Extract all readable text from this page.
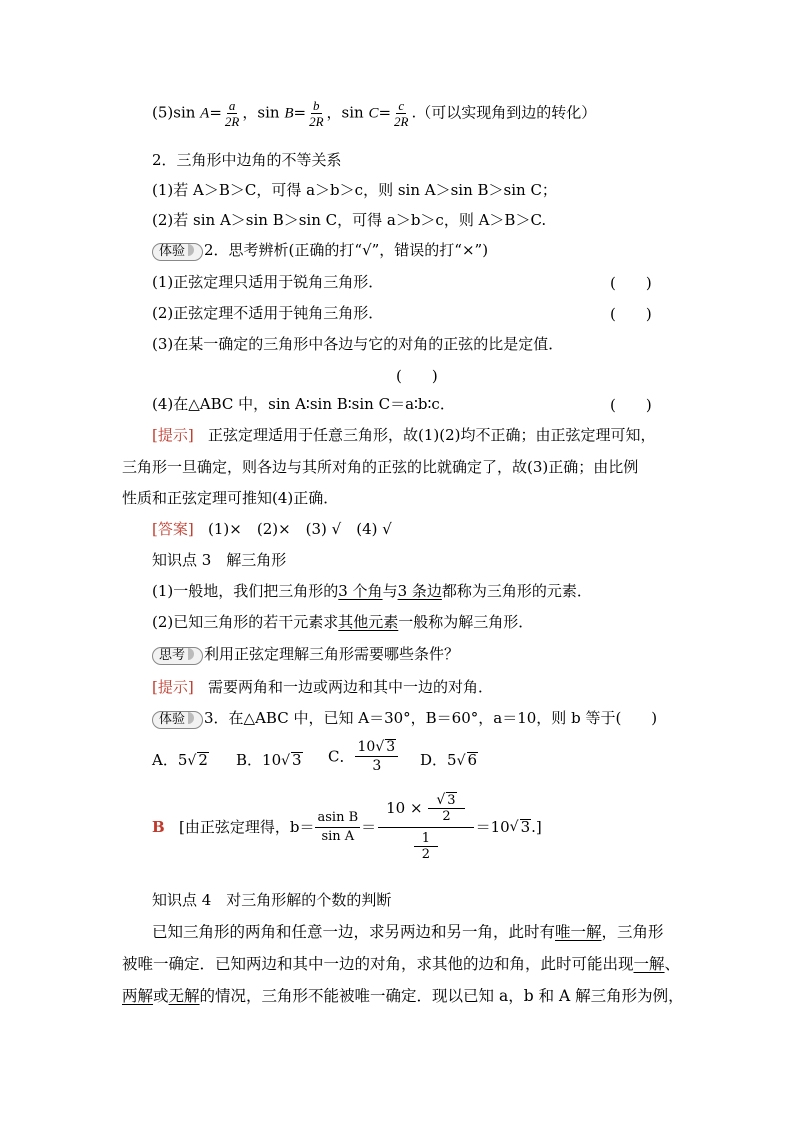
(5)sin $A= \frac{a}{2R}$ ，$\sin B= \frac{b}{2R}$ ，$\sin C= \frac{c}{2R}$ .（可以实现角到边的转化）
2．三角形中边角的不等关系
(1)若 A＞B＞C，可得 a＞b＞c，则 sin A＞sin B＞sin C；
(2)若 sin A＞sin B＞sin C，可得 a＞b＞c，则 A＞B＞C.
体验 2．思考辨析(正确的打“√”，错误的打“×”)
(1)正弦定理只适用于锐角三角形．	(　　)
(2)正弦定理不适用于钝角三角形．	(　　)
(3)在某一确定的三角形中各边与它的对角的正弦的比是定值．
(　　)
(4)在△ABC 中，sin A∶sin B∶sin C＝a∶b∶c．	(　　)
[提示] 正弦定理适用于任意三角形，故(1)(2)均不正确；由正弦定理可知，
三角形一旦确定，则各边与其所对角的正弦的比就确定了，故(3)正确；由比例
性质和正弦定理可推知(4)正确．
[答案] (1)×　(2)×　(3) √　(4) √
知识点 3　解三角形
(1)一般地，我们把三角形的3 个角与3 条边都称为三角形的元素．
(2)已知三角形的若干元素求其他元素一般称为解三角形．
思考 利用正弦定理解三角形需要哪些条件？
[提示] 需要两角和一边或两边和其中一边的对角．
体验 3．在△ABC 中，已知 A＝30°，B＝60°，a＝10，则 b 等于(　　)
A．5√ 2 B．10√ 3 C． $\frac{10√ 3}{3}$ D．5√ 6
B [由正弦定理得，$b= \frac{\text{asin B}}{\text{sin A}} = \frac{10 \times \frac{√ 3}{2}}{\frac{1}{2}} =10√$ 3.]
知识点 4　对三角形解的个数的判断
已知三角形的两角和任意一边，求另两边和另一角，此时有唯一解，三角形
被唯一确定．已知两边和其中一边的对角，求其他的边和角，此时可能出现一解、
两解或无解的情况，三角形不能被唯一确定．现以已知 a，b 和 A 解三角形为例，
